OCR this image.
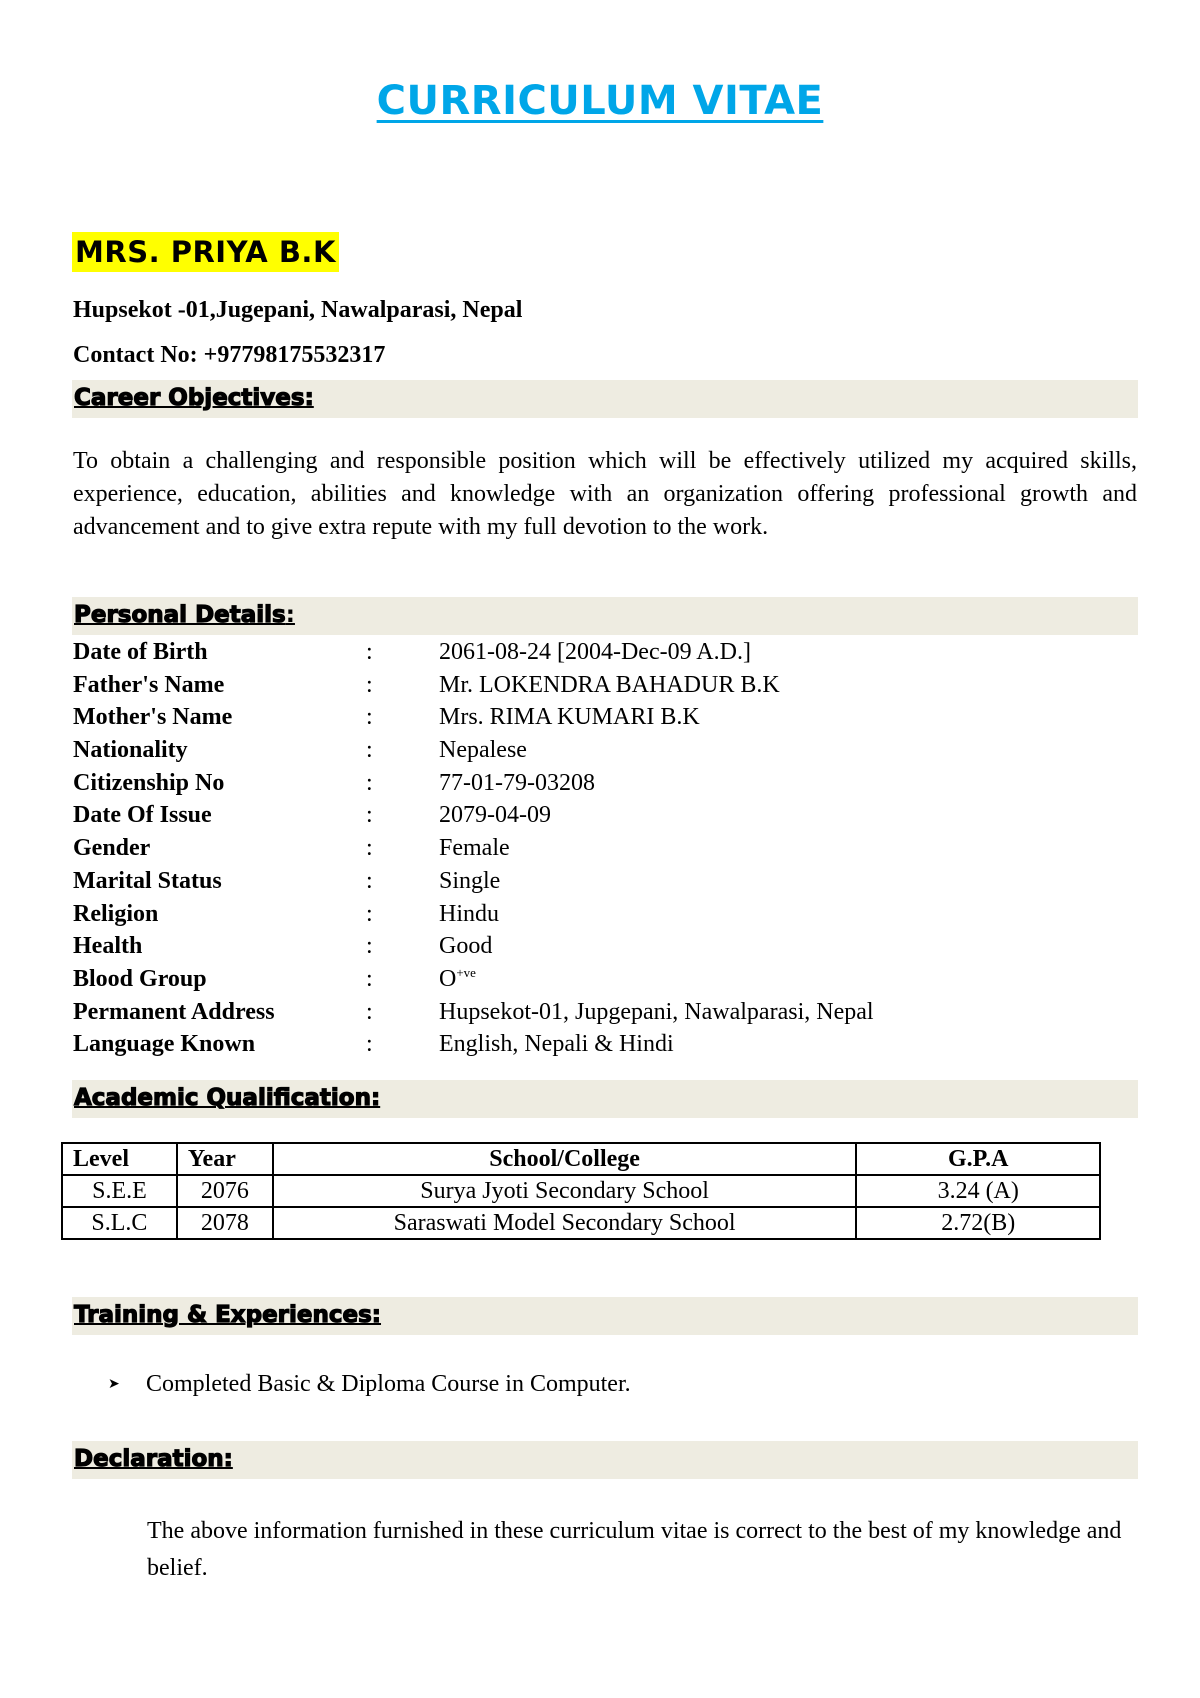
CURRICULUM VITAE
MRS. PRIYA B.K
Hupsekot -01,Jugepani, Nawalparasi, Nepal
Contact No: +97798175532317
Career Objectives:
To obtain a challenging and responsible position which will be effectively utilized my acquired skills, experience, education, abilities and knowledge with an organization offering professional growth and advancement and to give extra repute with my full devotion to the work.
Personal Details:
Date of Birth	:	2061-08-24 [2004-Dec-09 A.D.]
Father's Name	:	Mr. LOKENDRA BAHADUR B.K
Mother's Name	:	Mrs. RIMA KUMARI B.K
Nationality	:	Nepalese
Citizenship No	:	77-01-79-03208
Date Of Issue	:	2079-04-09
Gender	:	Female
Marital Status	:	Single
Religion	:	Hindu
Health	:	Good
Blood Group	:	$O^{+ve}$
Permanent Address	:	Hupsekot-01, Jupgepani, Nawalparasi, Nepal
Language Known	:	English, Nepali & Hindi
Academic Qualification:
Level	Year	School/College	G.P.A
S.E.E	2076	Surya Jyoti Secondary School	3.24 (A)
S.L.C	2078	Saraswati Model Secondary School	2.72(B)
Training & Experiences:
➤ Completed Basic & Diploma Course in Computer.
Declaration:
The above information furnished in these curriculum vitae is correct to the best of my knowledge and belief.
